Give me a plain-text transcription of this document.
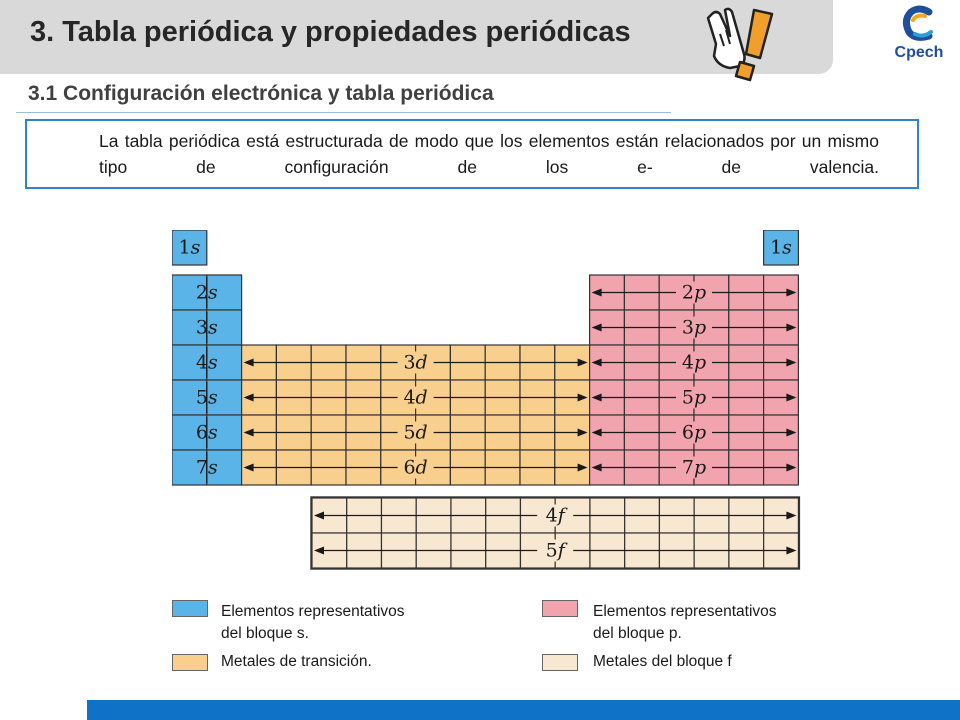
3. Tabla periódica y propiedades periódicas
Cpech
3.1 Configuración electrónica y tabla periódica
La tabla periódica está estructurada de modo que los elementos están relacionados por un mismo tipo de configuración de los e- de valencia.
1s	1s
2s
3s
4s
5s
6s
7s
3d
4d
5d
6d
2p
3p
4p
5p
6p
7p
4f
5f
Elementos representativos
del bloque s.
Metales de transición.
Elementos representativos
del bloque p.
Metales del bloque f
